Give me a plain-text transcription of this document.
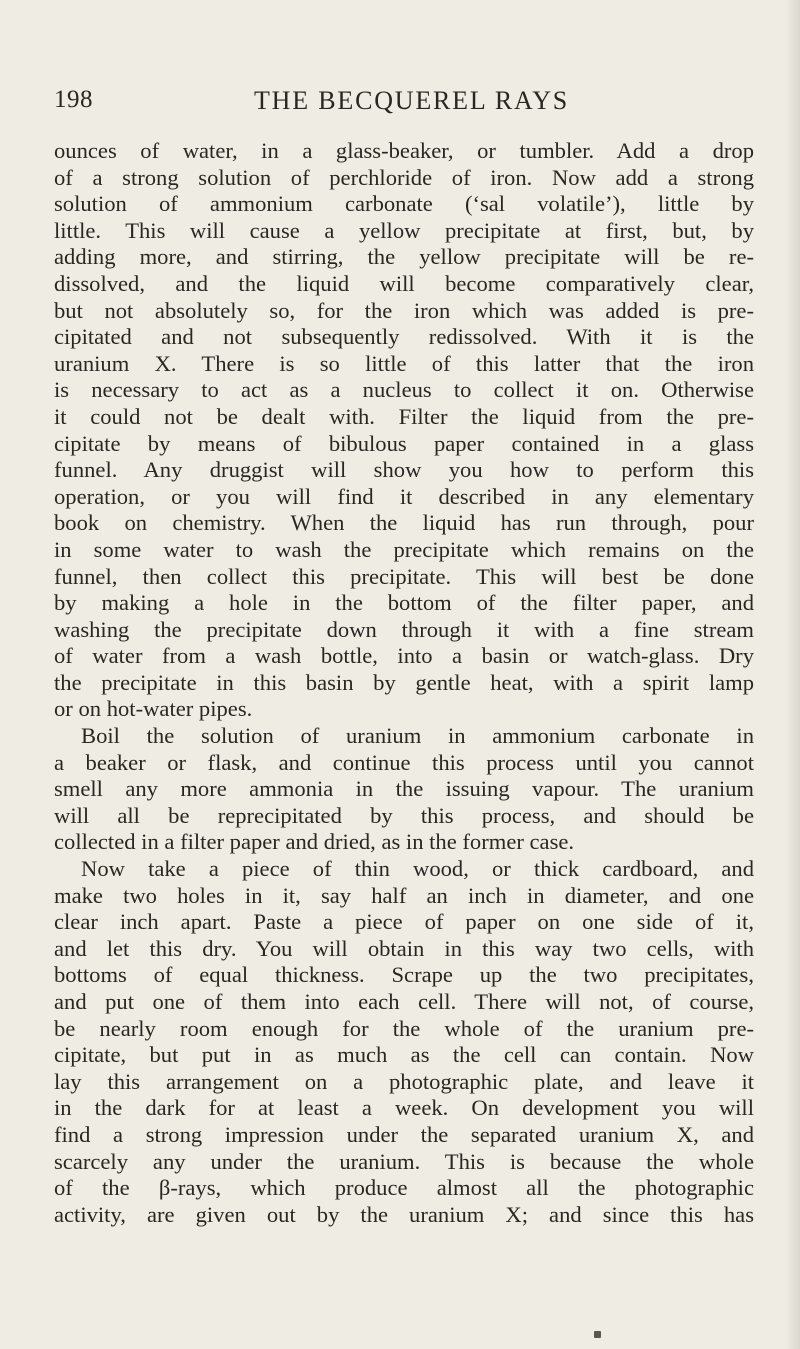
198	THE BECQUEREL RAYS
ounces of water, in a glass-beaker, or tumbler. Add a drop
of a strong solution of perchloride of iron. Now add a strong
solution of ammonium carbonate (‘sal volatile’), little by
little. This will cause a yellow precipitate at first, but, by
adding more, and stirring, the yellow precipitate will be re-
dissolved, and the liquid will become comparatively clear,
but not absolutely so, for the iron which was added is pre-
cipitated and not subsequently redissolved. With it is the
uranium X. There is so little of this latter that the iron
is necessary to act as a nucleus to collect it on. Otherwise
it could not be dealt with. Filter the liquid from the pre-
cipitate by means of bibulous paper contained in a glass
funnel. Any druggist will show you how to perform this
operation, or you will find it described in any elementary
book on chemistry. When the liquid has run through, pour
in some water to wash the precipitate which remains on the
funnel, then collect this precipitate. This will best be done
by making a hole in the bottom of the filter paper, and
washing the precipitate down through it with a fine stream
of water from a wash bottle, into a basin or watch-glass. Dry
the precipitate in this basin by gentle heat, with a spirit lamp
or on hot-water pipes.
Boil the solution of uranium in ammonium carbonate in
a beaker or flask, and continue this process until you cannot
smell any more ammonia in the issuing vapour. The uranium
will all be reprecipitated by this process, and should be
collected in a filter paper and dried, as in the former case.
Now take a piece of thin wood, or thick cardboard, and
make two holes in it, say half an inch in diameter, and one
clear inch apart. Paste a piece of paper on one side of it,
and let this dry. You will obtain in this way two cells, with
bottoms of equal thickness. Scrape up the two precipitates,
and put one of them into each cell. There will not, of course,
be nearly room enough for the whole of the uranium pre-
cipitate, but put in as much as the cell can contain. Now
lay this arrangement on a photographic plate, and leave it
in the dark for at least a week. On development you will
find a strong impression under the separated uranium X, and
scarcely any under the uranium. This is because the whole
of the β-rays, which produce almost all the photographic
activity, are given out by the uranium X; and since this has
